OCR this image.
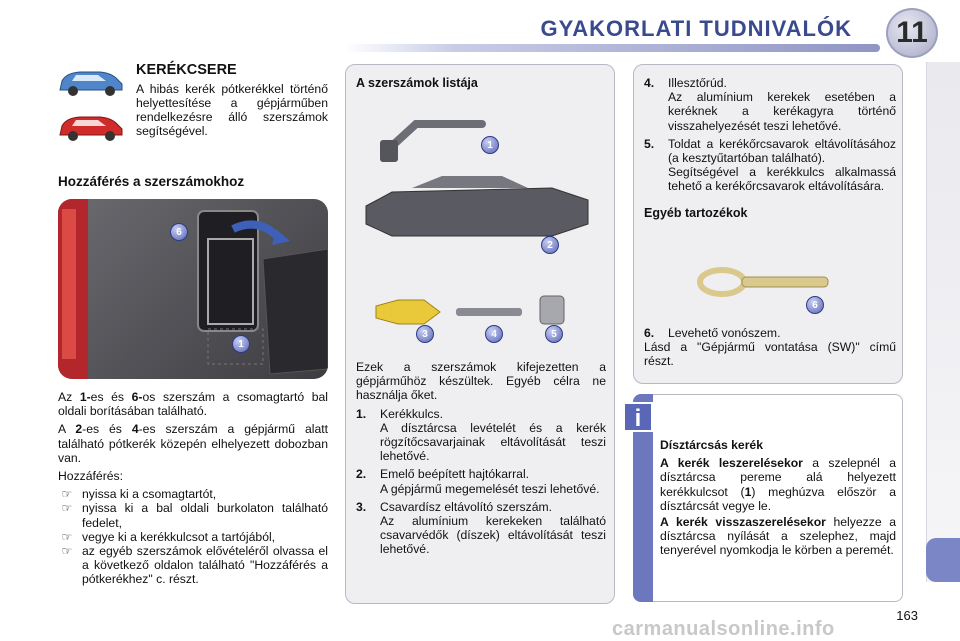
GYAKORLATI TUDNIVALÓK	11

KERÉKCSERE
A hibás kerék pótkerékkel történő helyettesítése a gépjárműben rendelkezésre álló szerszámok segítségével.
Hozzáférés a szerszámokhoz
6
1

Az 1-es és 6-os szerszám a csomagtartó bal oldali borításában található.

A 2-es és 4-es szerszám a gépjármű alatt található pótkerék közepén elhelyezett dobozban van.

Hozzáférés:

☞ nyissa ki a csomagtartót,
☞ nyissa ki a bal oldali burkolaton található fedelet,
☞ vegye ki a kerékkulcsot a tartójából,
☞ az egyéb szerszámok elővételéről olvassa el a következő oldalon található "Hozzáférés a pótkerékhez" c. részt.
A szerszámok listája
1
2
3	4	5
Ezek a szerszámok kifejezetten a gépjárműhöz készültek. Egyéb célra ne használja őket.
1.	Kerékkulcs.
A dísztárcsa levételét és a kerék rögzítőcsavarjainak eltávolítását teszi lehetővé.
2.	Emelő beépített hajtókarral.
A gépjármű megemelését teszi lehetővé.
3.	Csavardísz eltávolító szerszám.
Az alumínium kerekeken található csavarvédők (díszek) eltávolítását teszi lehetővé.
4.	Illesztőrúd.
Az alumínium kerekek esetében a keréknek a kerékagyra történő visszahelyezését teszi lehetővé.
5.	Toldat a kerékőrcsavarok eltávolításához (a kesztyűtartóban található).
Segítségével a kerékkulcs alkalmassá tehető a kerékőrcsavarok eltávolítására.
Egyéb tartozékok
6
6.	Levehető vonószem.
Lásd a "Gépjármű vontatása (SW)" című részt.
i
Dísztárcsás kerék
A kerék leszerelésekor a szelepnél a dísztárcsa pereme alá helyezett kerékkulcsot (1) meghúzva először a dísztárcsát vegye le.
A kerék visszaszerelésekor helyezze a dísztárcsa nyílását a szelephez, majd tenyerével nyomkodja le körben a peremét.
163
carmanualsonline.info
